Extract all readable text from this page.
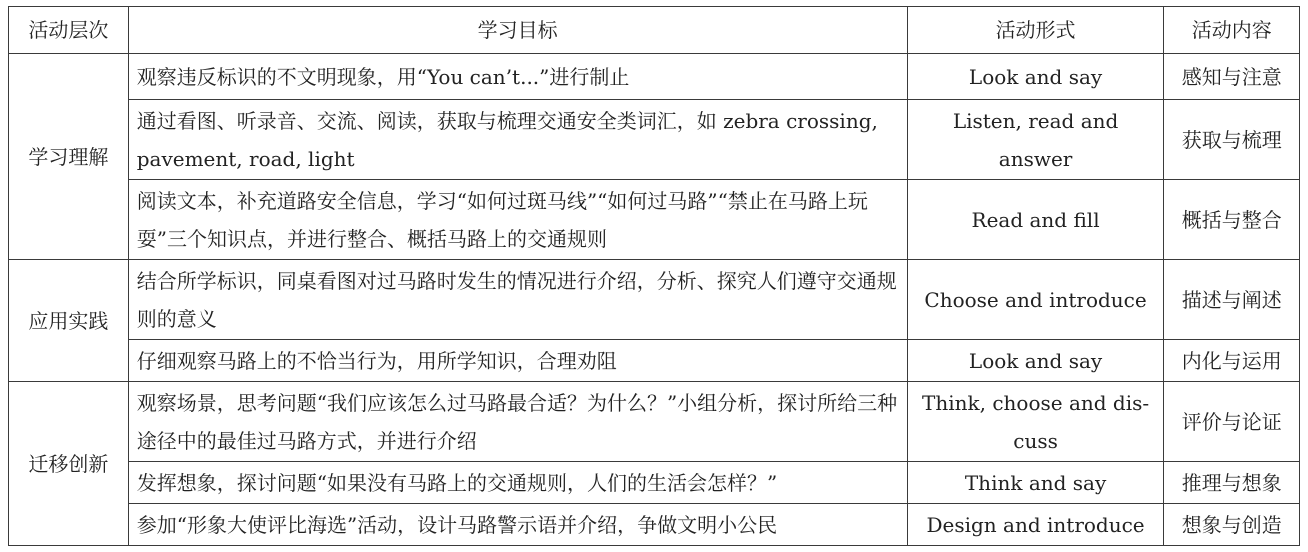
活动层次	学习目标	活动形式	活动内容
学习理解	观察违反标识的不文明现象，用“You can’t...”进行制止	Look and say	感知与注意
	通过看图、听录音、交流、阅读，获取与梳理交通安全类词汇，如 zebra crossing, pavement, road, light	Listen, read and answer	获取与梳理
	阅读文本，补充道路安全信息，学习“如何过斑马线”“如何过马路”“禁止在马路上玩耍”三个知识点，并进行整合、概括马路上的交通规则	Read and fill	概括与整合
应用实践	结合所学标识，同桌看图对过马路时发生的情况进行介绍，分析、探究人们遵守交通规则的意义	Choose and introduce	描述与阐述
	仔细观察马路上的不恰当行为，用所学知识，合理劝阻	Look and say	内化与运用
迁移创新	观察场景，思考问题“我们应该怎么过马路最合适？为什么？”小组分析，探讨所给三种途径中的最佳过马路方式，并进行介绍	Think, choose and dis-cuss	评价与论证
	发挥想象，探讨问题“如果没有马路上的交通规则，人们的生活会怎样？”	Think and say	推理与想象
	参加“形象大使评比海选”活动，设计马路警示语并介绍，争做文明小公民	Design and introduce	想象与创造
